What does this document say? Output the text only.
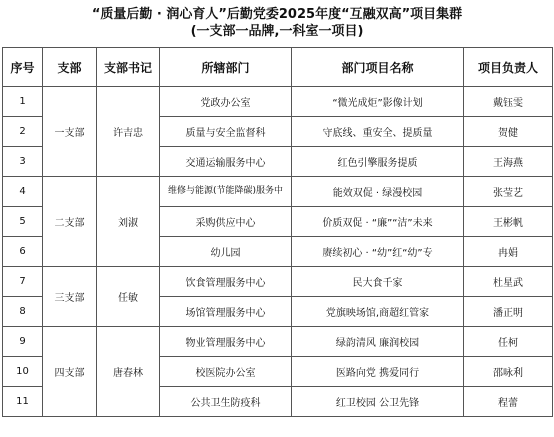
“质量后勤 · 润心育人”后勤党委2025年度“互融双高”项目集群
(一支部一品牌,一科室一项目)
序号	支部	支部书记	所辖部门	部门项目名称	项目负责人
1	一支部	许吉忠	党政办公室	“微光成炬”影像计划	戴钰雯
2			质量与安全监督科	守底线、重安全、提质量	贺健
3			交通运输服务中心	红色引擎服务提质	王海燕
4	二支部	刘淑	维修与能源(节能降碳)服务中	能效双促 · 绿漫校园	张莹艺
5			采购供应中心	价质双促 · “廉”“洁”未来	王彬帆
6			幼儿园	赓续初心 · “幼”红“幼”专	冉娟
7	三支部	任敏	饮食管理服务中心	民大食千家	杜星武
8			场馆管理服务中心	党旗映场馆,商超红管家	潘正明
9	四支部	唐春林	物业管理服务中心	绿韵清风 廉润校园	任柯
10			校医院办公室	医路向党 携爱同行	邵咏利
11			公共卫生防疫科	红卫校园 公卫先锋	程蕾
